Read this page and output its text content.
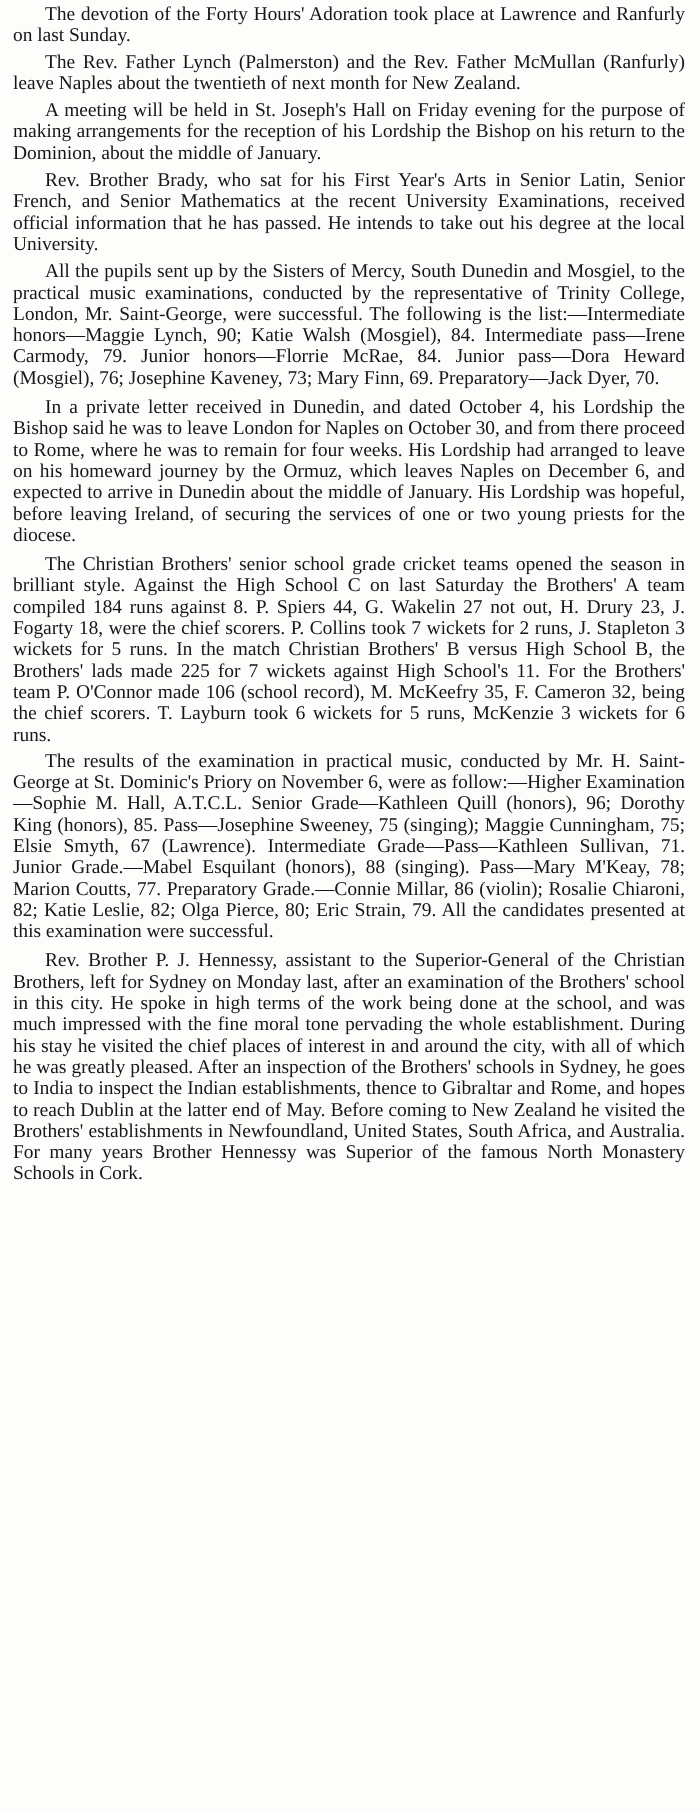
The devotion of the Forty Hours' Adoration took place at Lawrence and Ranfurly on last Sunday.

The Rev. Father Lynch (Palmerston) and the Rev. Father McMullan (Ranfurly) leave Naples about the twentieth of next month for New Zealand.

A meeting will be held in St. Joseph's Hall on Friday evening for the purpose of making arrangements for the reception of his Lordship the Bishop on his return to the Dominion, about the middle of January.

Rev. Brother Brady, who sat for his First Year's Arts in Senior Latin, Senior French, and Senior Mathematics at the recent University Examinations, received official information that he has passed. He intends to take out his degree at the local University.

All the pupils sent up by the Sisters of Mercy, South Dunedin and Mosgiel, to the practical music examinations, conducted by the representative of Trinity College, London, Mr. Saint-George, were successful. The following is the list:—Intermediate honors—Maggie Lynch, 90; Katie Walsh (Mosgiel), 84. Intermediate pass—Irene Carmody, 79. Junior honors—Florrie McRae, 84. Junior pass—Dora Heward (Mosgiel), 76; Josephine Kaveney, 73; Mary Finn, 69. Preparatory—Jack Dyer, 70.

In a private letter received in Dunedin, and dated October 4, his Lordship the Bishop said he was to leave London for Naples on October 30, and from there proceed to Rome, where he was to remain for four weeks. His Lordship had arranged to leave on his homeward journey by the Ormuz, which leaves Naples on December 6, and expected to arrive in Dunedin about the middle of January. His Lordship was hopeful, before leaving Ireland, of securing the services of one or two young priests for the diocese.

The Christian Brothers' senior school grade cricket teams opened the season in brilliant style. Against the High School C on last Saturday the Brothers' A team compiled 184 runs against 8. P. Spiers 44, G. Wakelin 27 not out, H. Drury 23, J. Fogarty 18, were the chief scorers. P. Collins took 7 wickets for 2 runs, J. Stapleton 3 wickets for 5 runs. In the match Christian Brothers' B versus High School B, the Brothers' lads made 225 for 7 wickets against High School's 11. For the Brothers' team P. O'Connor made 106 (school record), M. McKeefry 35, F. Cameron 32, being the chief scorers. T. Layburn took 6 wickets for 5 runs, McKenzie 3 wickets for 6 runs.

The results of the examination in practical music, conducted by Mr. H. Saint-George at St. Dominic's Priory on November 6, were as follow:—Higher Examination—Sophie M. Hall, A.T.C.L. Senior Grade—Kathleen Quill (honors), 96; Dorothy King (honors), 85. Pass—Josephine Sweeney, 75 (singing); Maggie Cunningham, 75; Elsie Smyth, 67 (Lawrence). Intermediate Grade—Pass—Kathleen Sullivan, 71. Junior Grade.—Mabel Esquilant (honors), 88 (singing). Pass—Mary M'Keay, 78; Marion Coutts, 77. Preparatory Grade.—Connie Millar, 86 (violin); Rosalie Chiaroni, 82; Katie Leslie, 82; Olga Pierce, 80; Eric Strain, 79. All the candidates presented at this examination were successful.

Rev. Brother P. J. Hennessy, assistant to the Superior-General of the Christian Brothers, left for Sydney on Monday last, after an examination of the Brothers' school in this city. He spoke in high terms of the work being done at the school, and was much impressed with the fine moral tone pervading the whole establishment. During his stay he visited the chief places of interest in and around the city, with all of which he was greatly pleased. After an inspection of the Brothers' schools in Sydney, he goes to India to inspect the Indian establishments, thence to Gibraltar and Rome, and hopes to reach Dublin at the latter end of May. Before coming to New Zealand he visited the Brothers' establishments in Newfoundland, United States, South Africa, and Australia. For many years Brother Hennessy was Superior of the famous North Monastery Schools in Cork.
